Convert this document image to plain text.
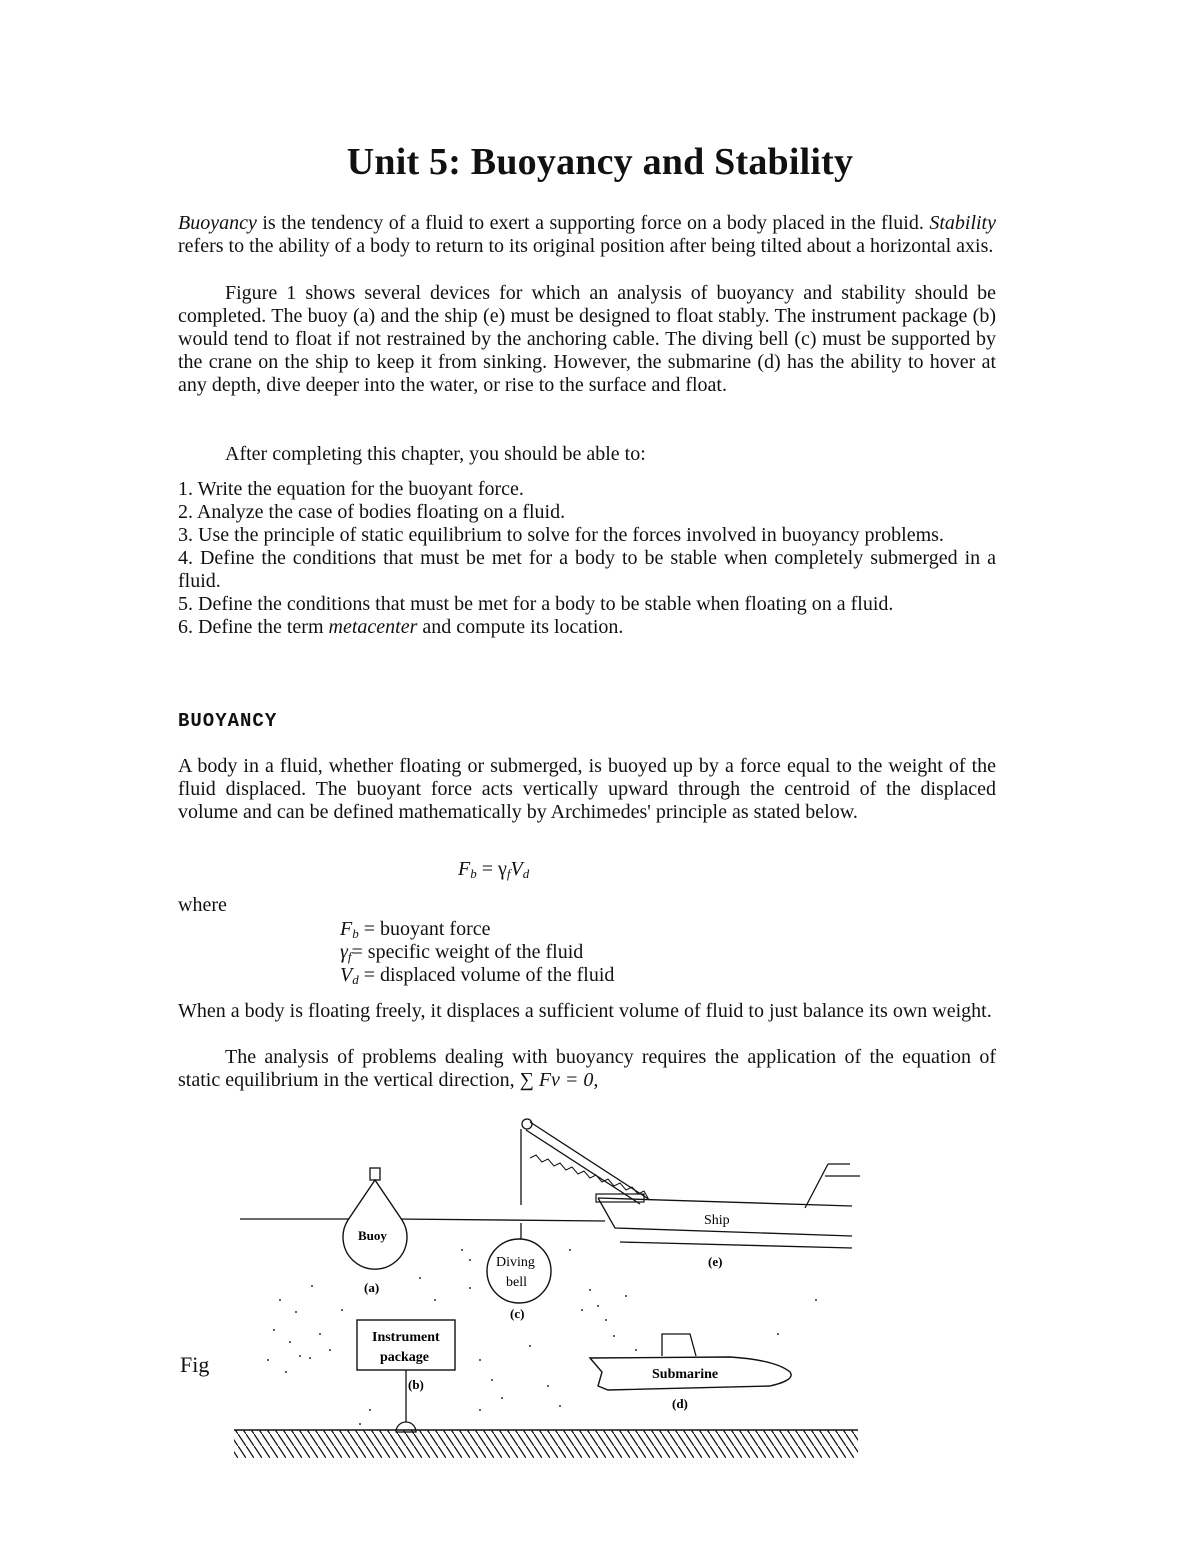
Unit 5: Buoyancy and Stability
Buoyancy is the tendency of a fluid to exert a supporting force on a body placed in the fluid. Stability refers to the ability of a body to return to its original position after being tilted about a horizontal axis.
Figure 1 shows several devices for which an analysis of buoyancy and stability should be completed. The buoy (a) and the ship (e) must be designed to float stably. The instrument package (b) would tend to float if not restrained by the anchoring cable. The diving bell (c) must be supported by the crane on the ship to keep it from sinking. However, the submarine (d) has the ability to hover at any depth, dive deeper into the water, or rise to the surface and float.
After completing this chapter, you should be able to:
1. Write the equation for the buoyant force.
2. Analyze the case of bodies floating on a fluid.
3. Use the principle of static equilibrium to solve for the forces involved in buoyancy problems.
4. Define the conditions that must be met for a body to be stable when completely submerged in a fluid.
5. Define the conditions that must be met for a body to be stable when floating on a fluid.
6. Define the term metacenter and compute its location.
BUOYANCY
A body in a fluid, whether floating or submerged, is buoyed up by a force equal to the weight of the fluid displaced. The buoyant force acts vertically upward through the centroid of the displaced volume and can be defined mathematically by Archimedes' principle as stated below.
$F_b = \gamma_fV_d$
where
$F_b$ = buoyant force
$\gamma_f=$ specific weight of the fluid
$V_d$ = displaced volume of the fluid
When a body is floating freely, it displaces a sufficient volume of fluid to just balance its own weight.
The analysis of problems dealing with buoyancy requires the application of the equation of static equilibrium in the vertical direction, ∑ Fv = 0,
Fig
Ship
(e)
Buoy
(a)
Diving
bell
(c)
Instrument
package
(b)
Submarine
(d)
